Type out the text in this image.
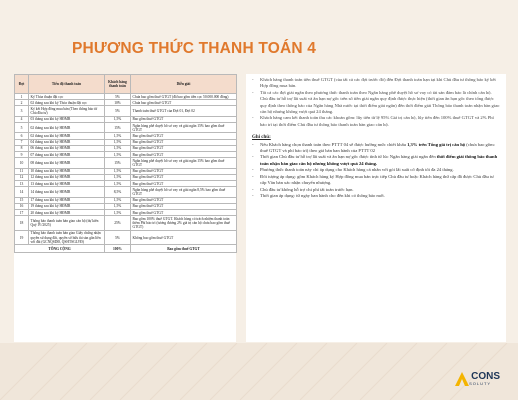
PHƯƠNG THỨC THANH TOÁN 4
Đợt	Tiến độ thanh toán	Khách hàng thanh toán	Diễn giải
1	Ký Thỏa thuận đặt cọc	5%	Chưa bao gồm thuế GTGT (đã bao gồm tiền cọc 50.000.000 đồng)
2	02 tháng sau khi ký Thỏa thuận đặt cọc	10%	Chưa bao gồm thuế GTGT
3	Ký kết Hợp đồng mua bán (Theo thông báo từ Chủ đầu tư)	5%	Thanh toán thuế GTGT của Đợt 01, Đợt 02
4	03 tháng sau khi ký HĐMB	1,5%	Bao gồm thuế GTGT
5	02 tháng sau khi ký HĐMB	15%	Ngân hàng phê duyệt hồ sơ vay và giải ngân 15% bao gồm thuế GTGT
6	02 tháng sau khi ký HĐMB	1,5%	Bao gồm thuế GTGT
7	04 tháng sau khi ký HĐMB	1,5%	Bao gồm thuế GTGT
8	06 tháng sau khi ký HĐMB	1,5%	Bao gồm thuế GTGT
9	07 tháng sau khi ký HĐMB	1,5%	Bao gồm thuế GTGT
10	08 tháng sau khi ký HĐMB	15%	Ngân hàng phê duyệt hồ sơ vay và giải ngân 15% bao gồm thuế GTGT
11	10 tháng sau khi ký HĐMB	1,5%	Bao gồm thuế GTGT
12	12 tháng sau khi ký HĐMB	1,5%	Bao gồm thuế GTGT
13	13 tháng sau khi ký HĐMB	1,5%	Bao gồm thuế GTGT
14	14 tháng sau khi ký HĐMB	8,5%	Ngân hàng phê duyệt hồ sơ vay và giải ngân 8,5% bao gồm thuế GTGT
15	17 tháng sau khi ký HĐMB	1,5%	Bao gồm thuế GTGT
16	19 tháng sau khi ký HĐMB	1,5%	Bao gồm thuế GTGT
17	20 tháng sau khi ký HĐMB	1,5%	Bao gồm thuế GTGT
18	Thông báo thanh toán bàn giao căn hộ (dự kiến Quý IV/2025)	25%	Bao gồm 100% thuế GTGT. Khách hàng có trách nhiệm thanh toán thêm Phí bảo trì (tương đương 2% giá trị căn hộ chưa bao gồm thuế GTGT)
19	Thông báo thanh toán bàn giao Giấy chứng nhận quyền sử dụng đất, quyền sở hữu tài sản gắn liền với đất (GCNQSDĐ, QSHTSGLVĐ)	5%	Không bao gồm thuế GTGT
TỔNG CỘNG		100%	Bao gồm thuế GTGT
- Khách hàng thanh toán tiền thuế GTGT (của tất cả các đợt trước đó) đến Đợt thanh toán hạn tại khi Chủ đầu tư thông báo ký kết Hợp đồng mua bán.
- Tất cả các đợt giải ngân theo phương thức thanh toán theo Ngân hàng phê duyệt hồ sơ vay có tài sản đảm bảo là chính căn hộ. Chủ đầu tư hỗ trợ lãi suất và ân hạn nợ gốc trên số tiền giải ngân quy định được thực hiện (thời gian ân hạn gốc theo tổng được quy định theo thông báo của Ngân hàng Nhà nước tại thời điểm giải ngân) đến thời điểm giải Thông báo thanh toán nhận bàn giao căn hộ nhưng không vượt quá 24 tháng.
- Khách hàng cam kết thanh toán thu các khoản gồm: lũy tiến từ lệ 95% Giá trị căn hộ, lũy tiến đến 100% thuế GTGT và 2% Phí bảo trì tại thời điểm Chủ đầu tư thông báo thanh toán bàn giao căn hộ.
Ghi chú:
- Nếu Khách hàng chọn thanh toán theo PTTT 04 sẽ được hưởng mức chiết khấu 1,3% trên Tổng giá trị căn hộ (chưa bao gồm: thuế GTGT và phí bảo trì) theo giá bán ban hành của PTTT 02
- Thời gian Chủ đầu tư hỗ trợ lãi suất và ân hạn nợ gốc được tính từ lúc Ngân hàng giải ngân đến thời điểm giải thông báo thanh toán nhận bàn giao căn hộ nhưng không vượt quá 24 tháng.
- Phương thức thanh toán này chỉ áp dụng cho Khách hàng cá nhân với gói lãi suất cố định tối đa 24 tháng.
- Đối tượng áp dụng: gồm Khách hàng ký Hợp đồng mua bán trực tiếp Chủ đầu tư hoặc Khách hàng thứ cấp đã được Chủ đầu tư cấp Văn bản xác nhận chuyển nhượng.
- Chủ đầu tư không hỗ trợ chi phí tất toán trước hạn.
- Thời gian áp dụng: từ ngày ban hành cho đến khi có thông báo mới.
CONS
SOLUTY
